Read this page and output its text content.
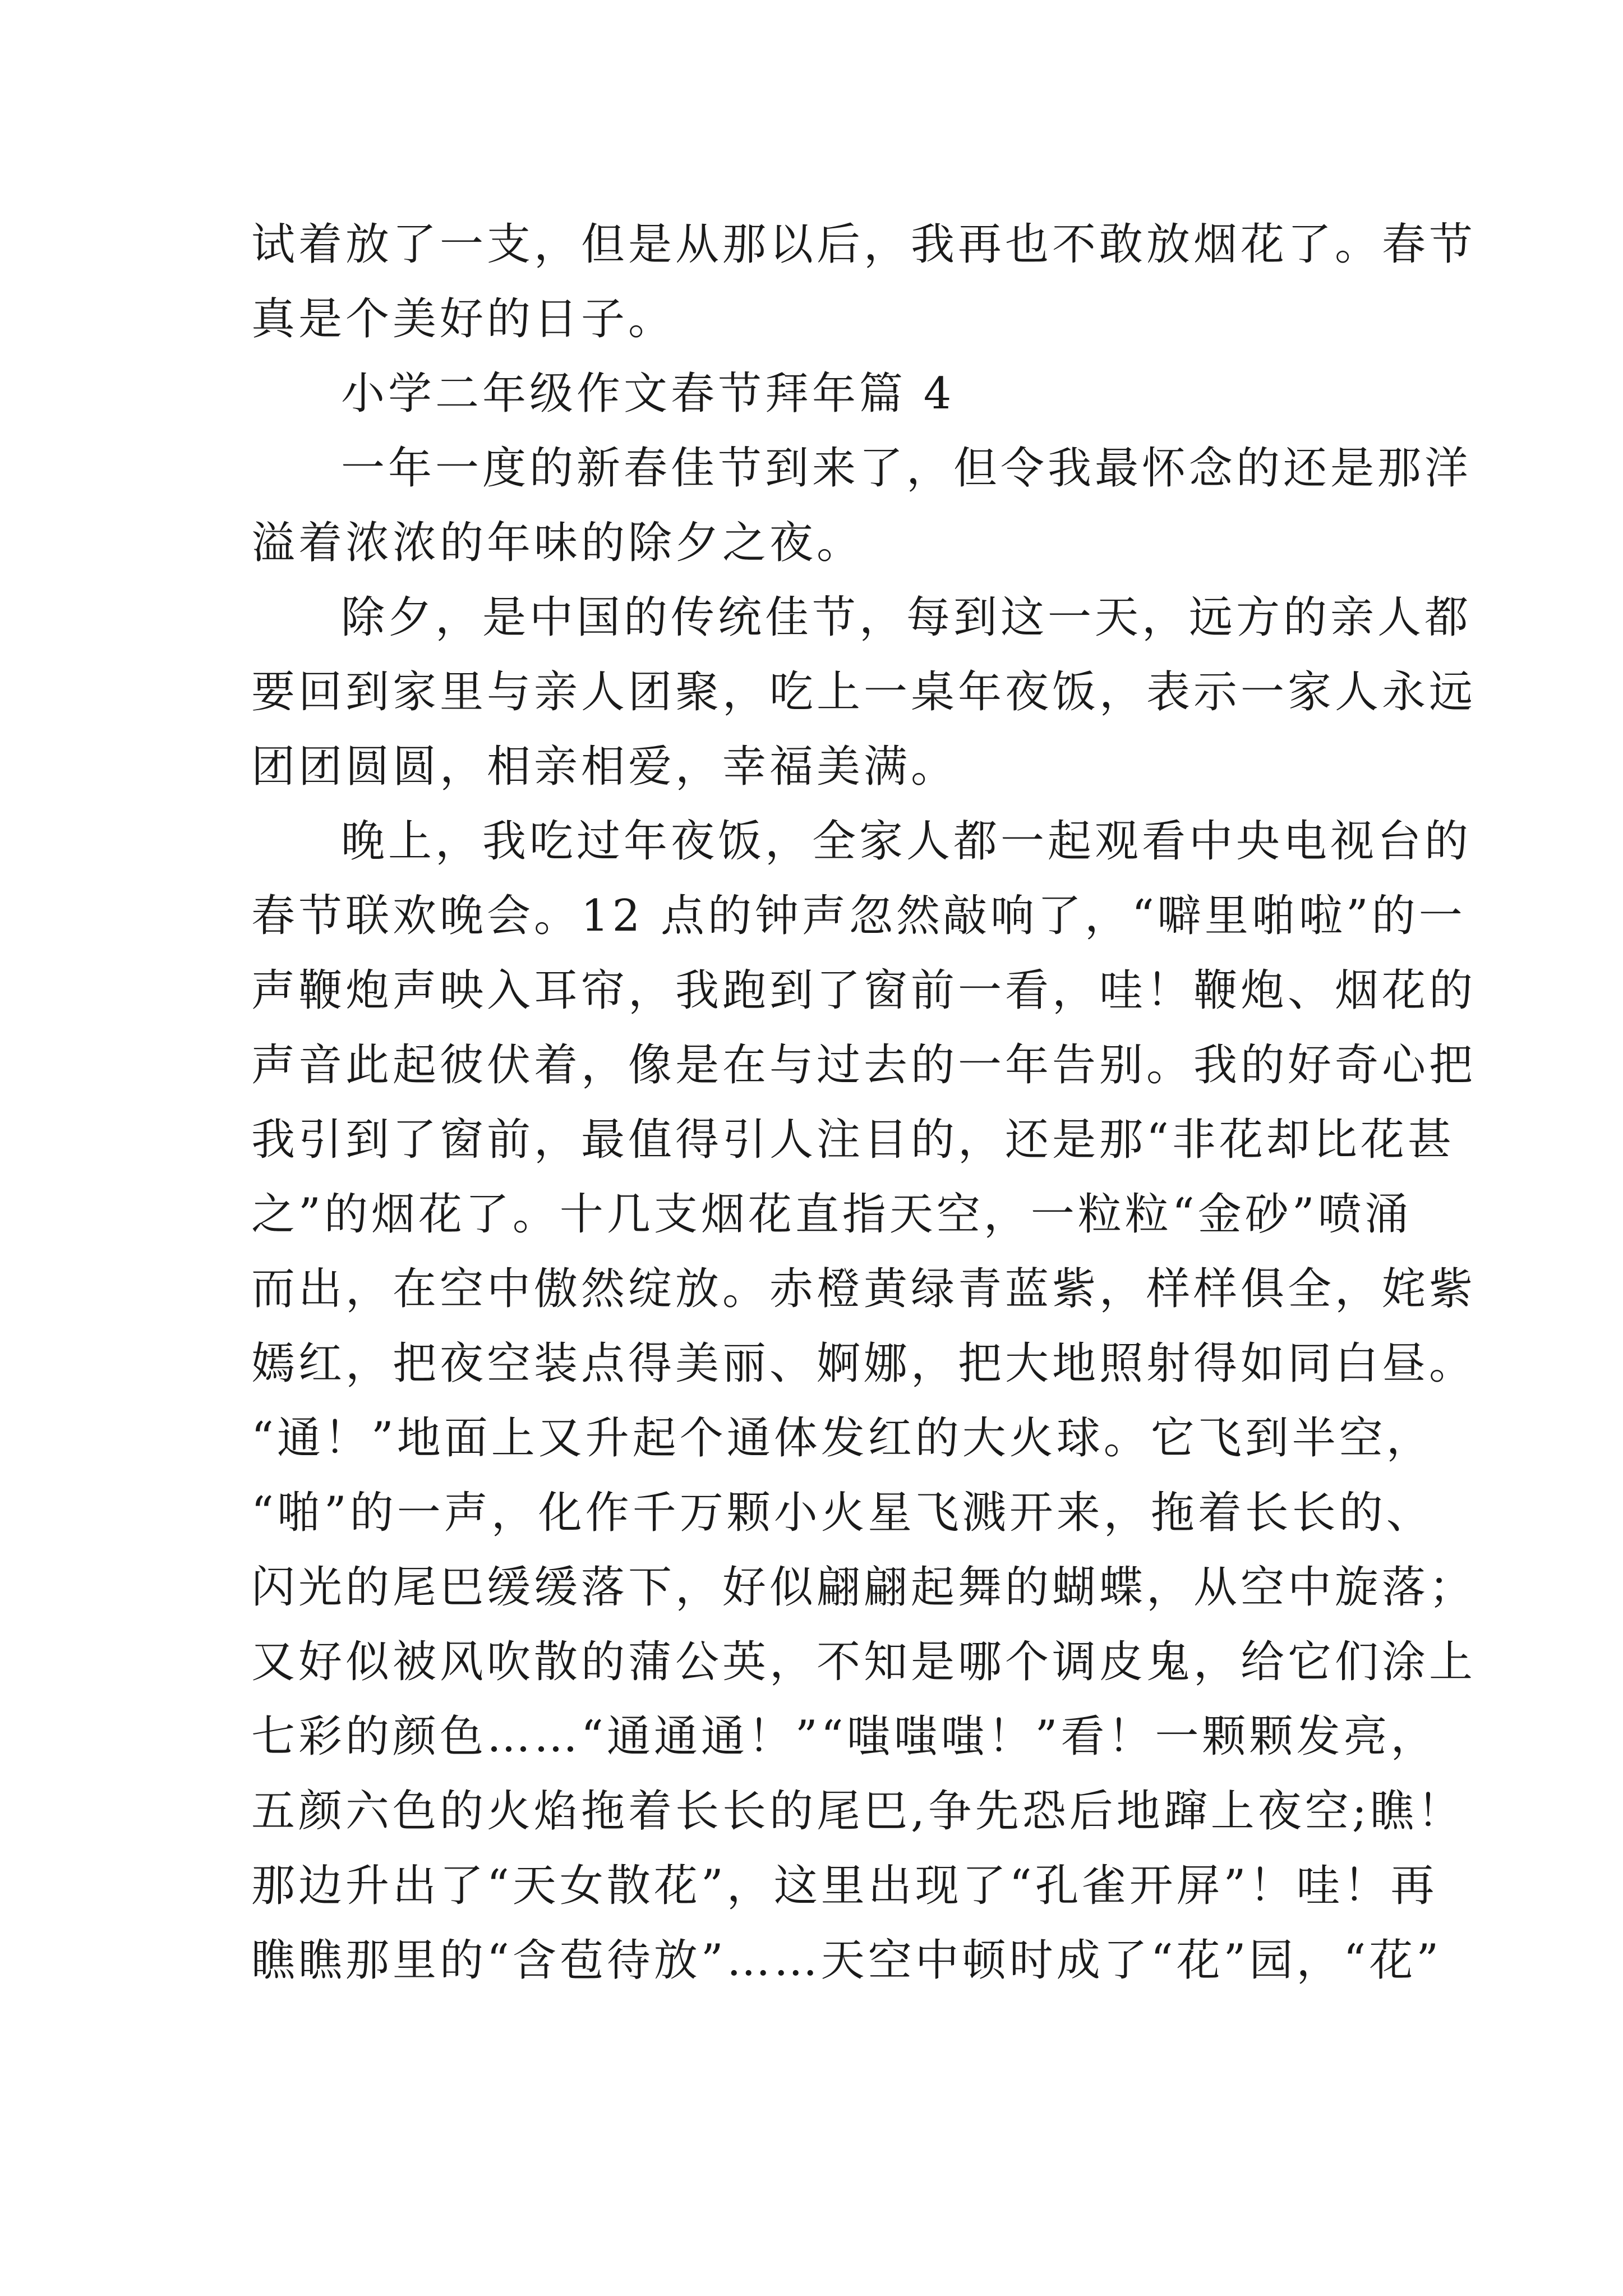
试着放了一支，但是从那以后，我再也不敢放烟花了。春节
真是个美好的日子。
小学二年级作文春节拜年篇 4
一年一度的新春佳节到来了，但令我最怀念的还是那洋
溢着浓浓的年味的除夕之夜。
除夕，是中国的传统佳节，每到这一天，远方的亲人都
要回到家里与亲人团聚，吃上一桌年夜饭，表示一家人永远
团团圆圆，相亲相爱，幸福美满。
晚上，我吃过年夜饭，全家人都一起观看中央电视台的
春节联欢晚会。12 点的钟声忽然敲响了，“噼里啪啦”的一
声鞭炮声映入耳帘，我跑到了窗前一看，哇！鞭炮、烟花的
声音此起彼伏着，像是在与过去的一年告别。我的好奇心把
我引到了窗前，最值得引人注目的，还是那“非花却比花甚
之”的烟花了。十几支烟花直指天空，一粒粒“金砂”喷涌
而出，在空中傲然绽放。赤橙黄绿青蓝紫，样样俱全，姹紫
嫣红，把夜空装点得美丽、婀娜，把大地照射得如同白昼。
“通！”地面上又升起个通体发红的大火球。它飞到半空，
“啪”的一声，化作千万颗小火星飞溅开来，拖着长长的、
闪光的尾巴缓缓落下，好似翩翩起舞的蝴蝶，从空中旋落；
又好似被风吹散的蒲公英，不知是哪个调皮鬼，给它们涂上
七彩的颜色……“通通通！”“嗤嗤嗤！”看！一颗颗发亮，
五颜六色的火焰拖着长长的尾巴,争先恐后地蹿上夜空;瞧！
那边升出了“天女散花”，这里出现了“孔雀开屏”！哇！再
瞧瞧那里的“含苞待放”……天空中顿时成了“花”园，“花”
